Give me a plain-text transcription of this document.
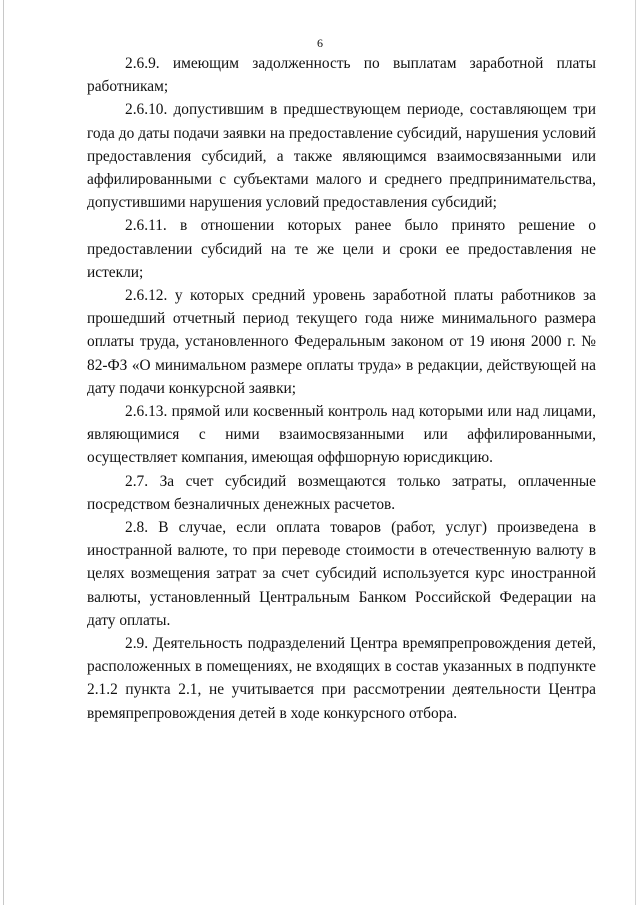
6

2.6.9. имеющим задолженность по выплатам заработной платы работникам;

2.6.10. допустившим в предшествующем периоде, составляющем три года до даты подачи заявки на предоставление субсидий, нарушения условий предоставления субсидий, а также являющимся взаимосвязанными или аффилированными с субъектами малого и среднего предпринимательства, допустившими нарушения условий предоставления субсидий;

2.6.11. в отношении которых ранее было принято решение о предоставлении субсидий на те же цели и сроки ее предоставления не истекли;

2.6.12. у которых средний уровень заработной платы работников за прошедший отчетный период текущего года ниже минимального размера оплаты труда, установленного Федеральным законом от 19 июня 2000 г. № 82-ФЗ «О минимальном размере оплаты труда» в редакции, действующей на дату подачи конкурсной заявки;

2.6.13. прямой или косвенный контроль над которыми или над лицами, являющимися с ними взаимосвязанными или аффилированными, осуществляет компания, имеющая оффшорную юрисдикцию.

2.7. За счет субсидий возмещаются только затраты, оплаченные посредством безналичных денежных расчетов.

2.8. В случае, если оплата товаров (работ, услуг) произведена в иностранной валюте, то при переводе стоимости в отечественную валюту в целях возмещения затрат за счет субсидий используется курс иностранной валюты, установленный Центральным Банком Российской Федерации на дату оплаты.

2.9. Деятельность подразделений Центра времяпрепровождения детей, расположенных в помещениях, не входящих в состав указанных в подпункте 2.1.2 пункта 2.1, не учитывается при рассмотрении деятельности Центра времяпрепровождения детей в ходе конкурсного отбора.
